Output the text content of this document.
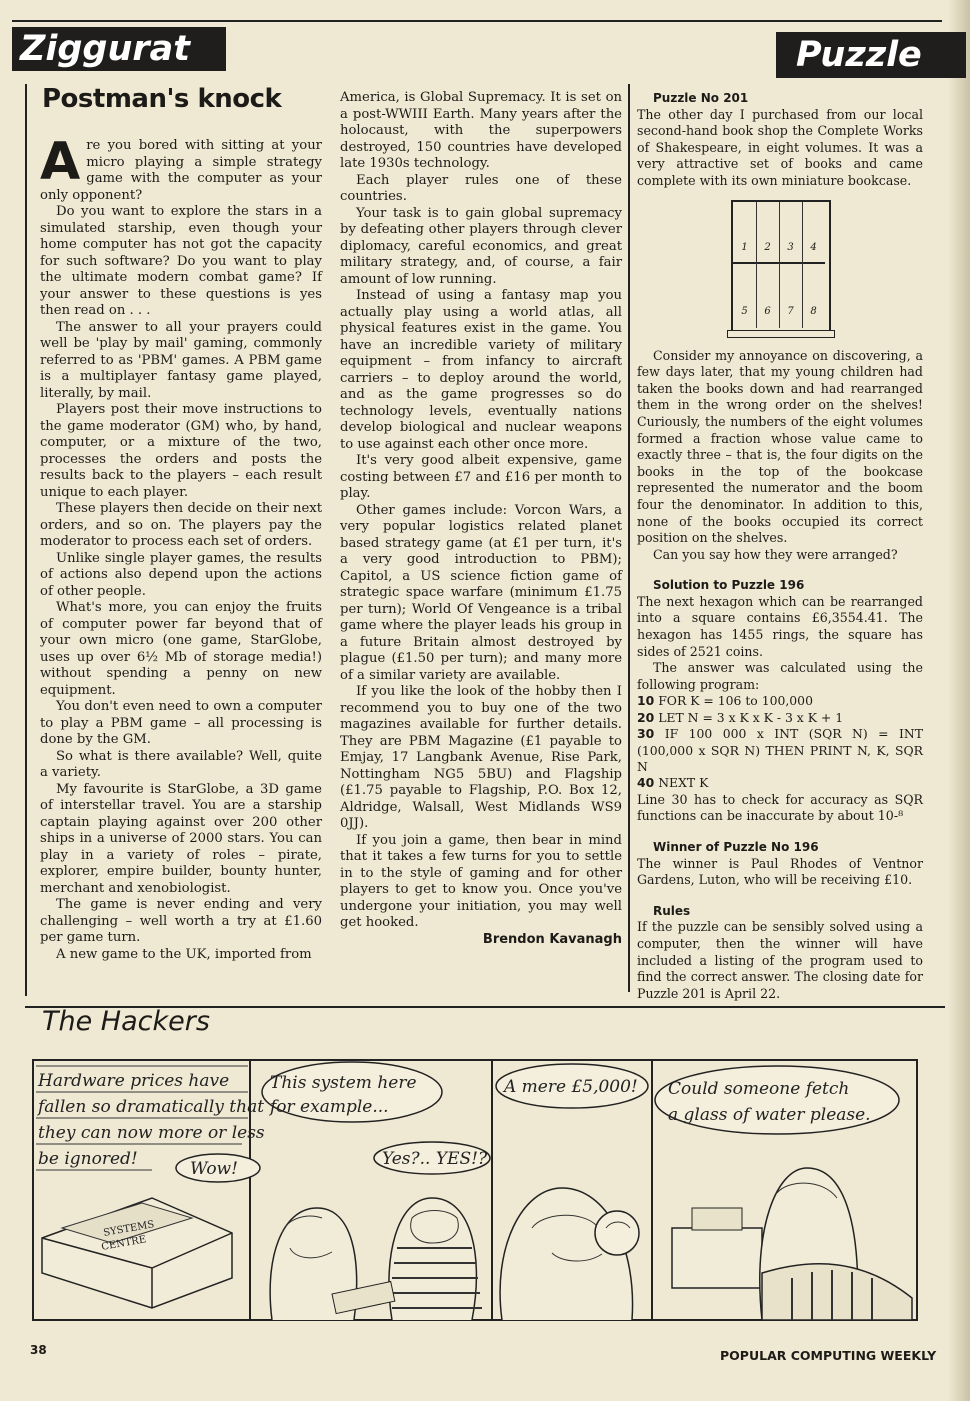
Ziggurat	Puzzle
Postman's knock

Are you bored with sitting at your micro playing a simple strategy game with the computer as your only opponent?

Do you want to explore the stars in a simulated starship, even though your home computer has not got the capacity for such software? Do you want to play the ultimate modern combat game? If your answer to these questions is yes then read on . . .

The answer to all your prayers could well be 'play by mail' gaming, commonly referred to as 'PBM' games. A PBM game is a multiplayer fantasy game played, literally, by mail.

Players post their move instructions to the game moderator (GM) who, by hand, computer, or a mixture of the two, processes the orders and posts the results back to the players – each result unique to each player.

These players then decide on their next orders, and so on. The players pay the moderator to process each set of orders.

Unlike single player games, the results of actions also depend upon the actions of other people.

What's more, you can enjoy the fruits of computer power far beyond that of your own micro (one game, StarGlobe, uses up over 6½ Mb of storage media!) without spending a penny on new equipment.

You don't even need to own a computer to play a PBM game – all processing is done by the GM.

So what is there available? Well, quite a variety.

My favourite is StarGlobe, a 3D game of interstellar travel. You are a starship captain playing against over 200 other ships in a universe of 2000 stars. You can play in a variety of roles – pirate, explorer, empire builder, bounty hunter, merchant and xenobiologist.

The game is never ending and very challenging – well worth a try at £1.60 per game turn.

A new game to the UK, imported from

America, is Global Supremacy. It is set on a post-WWIII Earth. Many years after the holocaust, with the superpowers destroyed, 150 countries have developed late 1930s technology.

Each player rules one of these countries.

Your task is to gain global supremacy by defeating other players through clever diplomacy, careful economics, and great military strategy, and, of course, a fair amount of low running.

Instead of using a fantasy map you actually play using a world atlas, all physical features exist in the game. You have an incredible variety of military equipment – from infancy to aircraft carriers – to deploy around the world, and as the game progresses so do technology levels, eventually nations develop biological and nuclear weapons to use against each other once more.

It's very good albeit expensive, game costing between £7 and £16 per month to play.

Other games include: Vorcon Wars, a very popular logistics related planet based strategy game (at £1 per turn, it's a very good introduction to PBM); Capitol, a US science fiction game of strategic space warfare (minimum £1.75 per turn); World Of Vengeance is a tribal game where the player leads his group in a future Britain almost destroyed by plague (£1.50 per turn); and many more of a similar variety are available.

If you like the look of the hobby then I recommend you to buy one of the two magazines available for further details. They are PBM Magazine (£1 payable to Emjay, 17 Langbank Avenue, Rise Park, Nottingham NG5 5BU) and Flagship (£1.75 payable to Flagship, P.O. Box 12, Aldridge, Walsall, West Midlands WS9 0JJ).

If you join a game, then bear in mind that it takes a few turns for you to settle in to the style of gaming and for other players to get to know you. Once you've undergone your initiation, you may well get hooked.

Brendon Kavanagh

Puzzle No 201

The other day I purchased from our local second-hand book shop the Complete Works of Shakespeare, in eight volumes. It was a very attractive set of books and came complete with its own miniature bookcase.

1	2	3	4
5	6	7	8

Consider my annoyance on discovering, a few days later, that my young children had taken the books down and had rearranged them in the wrong order on the shelves! Curiously, the numbers of the eight volumes formed a fraction whose value came to exactly three – that is, the four digits on the books in the top of the bookcase represented the numerator and the boom four the denominator. In addition to this, none of the books occupied its correct position on the shelves.

Can you say how they were arranged?

Solution to Puzzle 196

The next hexagon which can be rearranged into a square contains £6,3554.41. The hexagon has 1455 rings, the square has sides of 2521 coins.

The answer was calculated using the following program:

10 FOR K = 106 to 100,000

20 LET N = 3 x K x K - 3 x K + 1

30 IF 100 000 x INT (SQR N) = INT (100,000 x SQR N) THEN PRINT N, K, SQR N

40 NEXT K

Line 30 has to check for accuracy as SQR functions can be inaccurate by about 10-⁸

Winner of Puzzle No 196

The winner is Paul Rhodes of Ventnor Gardens, Luton, who will be receiving £10.

Rules

If the puzzle can be sensibly solved using a computer, then the winner will have included a listing of the program used to find the correct answer. The closing date for Puzzle 201 is April 22.

The Hackers
Hardware prices have
fallen so dramatically that
they can now more or less
be ignored!	Wow!
SYSTEMS
CENTRE
This system here
for example...
Yes?.. YES!?
A mere £5,000! Could someone fetch
a glass of water please.
38	POPULAR COMPUTING WEEKLY
